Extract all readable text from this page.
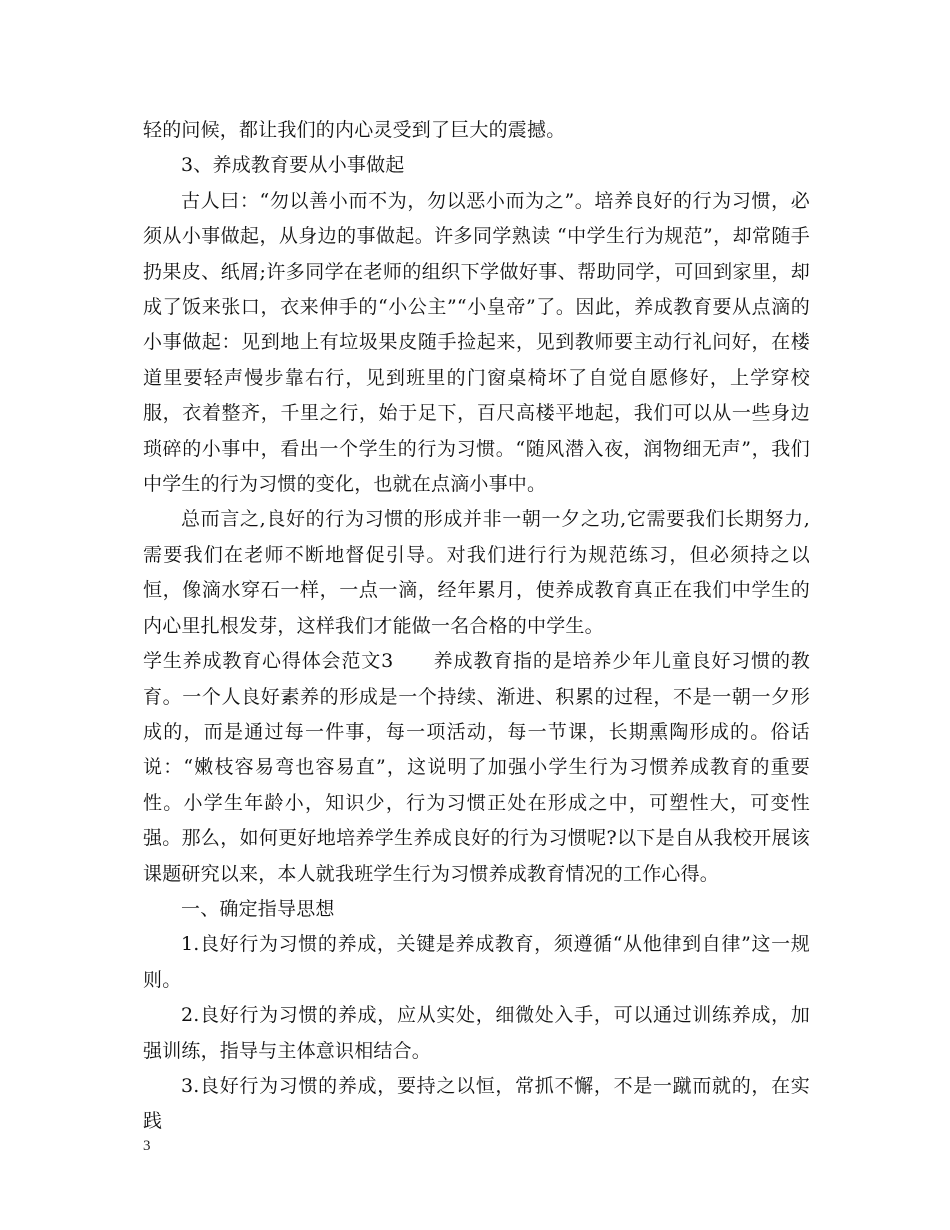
轻的问候，都让我们的内心灵受到了巨大的震撼。

3、养成教育要从小事做起

古人曰：“勿以善小而不为，勿以恶小而为之”。培养良好的行为习惯，必须从小事做起，从身边的事做起。许多同学熟读 “中学生行为规范”，却常随手扔果皮、纸屑;许多同学在老师的组织下学做好事、帮助同学，可回到家里，却成了饭来张口，衣来伸手的“小公主”“小皇帝”了。因此，养成教育要从点滴的小事做起：见到地上有垃圾果皮随手捡起来，见到教师要主动行礼问好，在楼道里要轻声慢步靠右行，见到班里的门窗桌椅坏了自觉自愿修好，上学穿校服，衣着整齐，千里之行，始于足下，百尺高楼平地起，我们可以从一些身边琐碎的小事中，看出一个学生的行为习惯。“随风潜入夜，润物细无声”，我们中学生的行为习惯的变化，也就在点滴小事中。

总而言之,良好的行为习惯的形成并非一朝一夕之功,它需要我们长期努力,需要我们在老师不断地督促引导。对我们进行行为规范练习，但必须持之以恒，像滴水穿石一样，一点一滴，经年累月，使养成教育真正在我们中学生的内心里扎根发芽，这样我们才能做一名合格的中学生。

学生养成教育心得体会范文3　　养成教育指的是培养少年儿童良好习惯的教育。一个人良好素养的形成是一个持续、渐进、积累的过程，不是一朝一夕形成的，而是通过每一件事，每一项活动，每一节课，长期熏陶形成的。俗话说：“嫩枝容易弯也容易直”，这说明了加强小学生行为习惯养成教育的重要性。小学生年龄小，知识少，行为习惯正处在形成之中，可塑性大，可变性强。那么，如何更好地培养学生养成良好的行为习惯呢?以下是自从我校开展该课题研究以来，本人就我班学生行为习惯养成教育情况的工作心得。

一、确定指导思想

1.良好行为习惯的养成，关键是养成教育，须遵循“从他律到自律”这一规则。

2.良好行为习惯的养成，应从实处，细微处入手，可以通过训练养成，加强训练，指导与主体意识相结合。

3.良好行为习惯的养成，要持之以恒，常抓不懈，不是一蹴而就的，在实践

3
